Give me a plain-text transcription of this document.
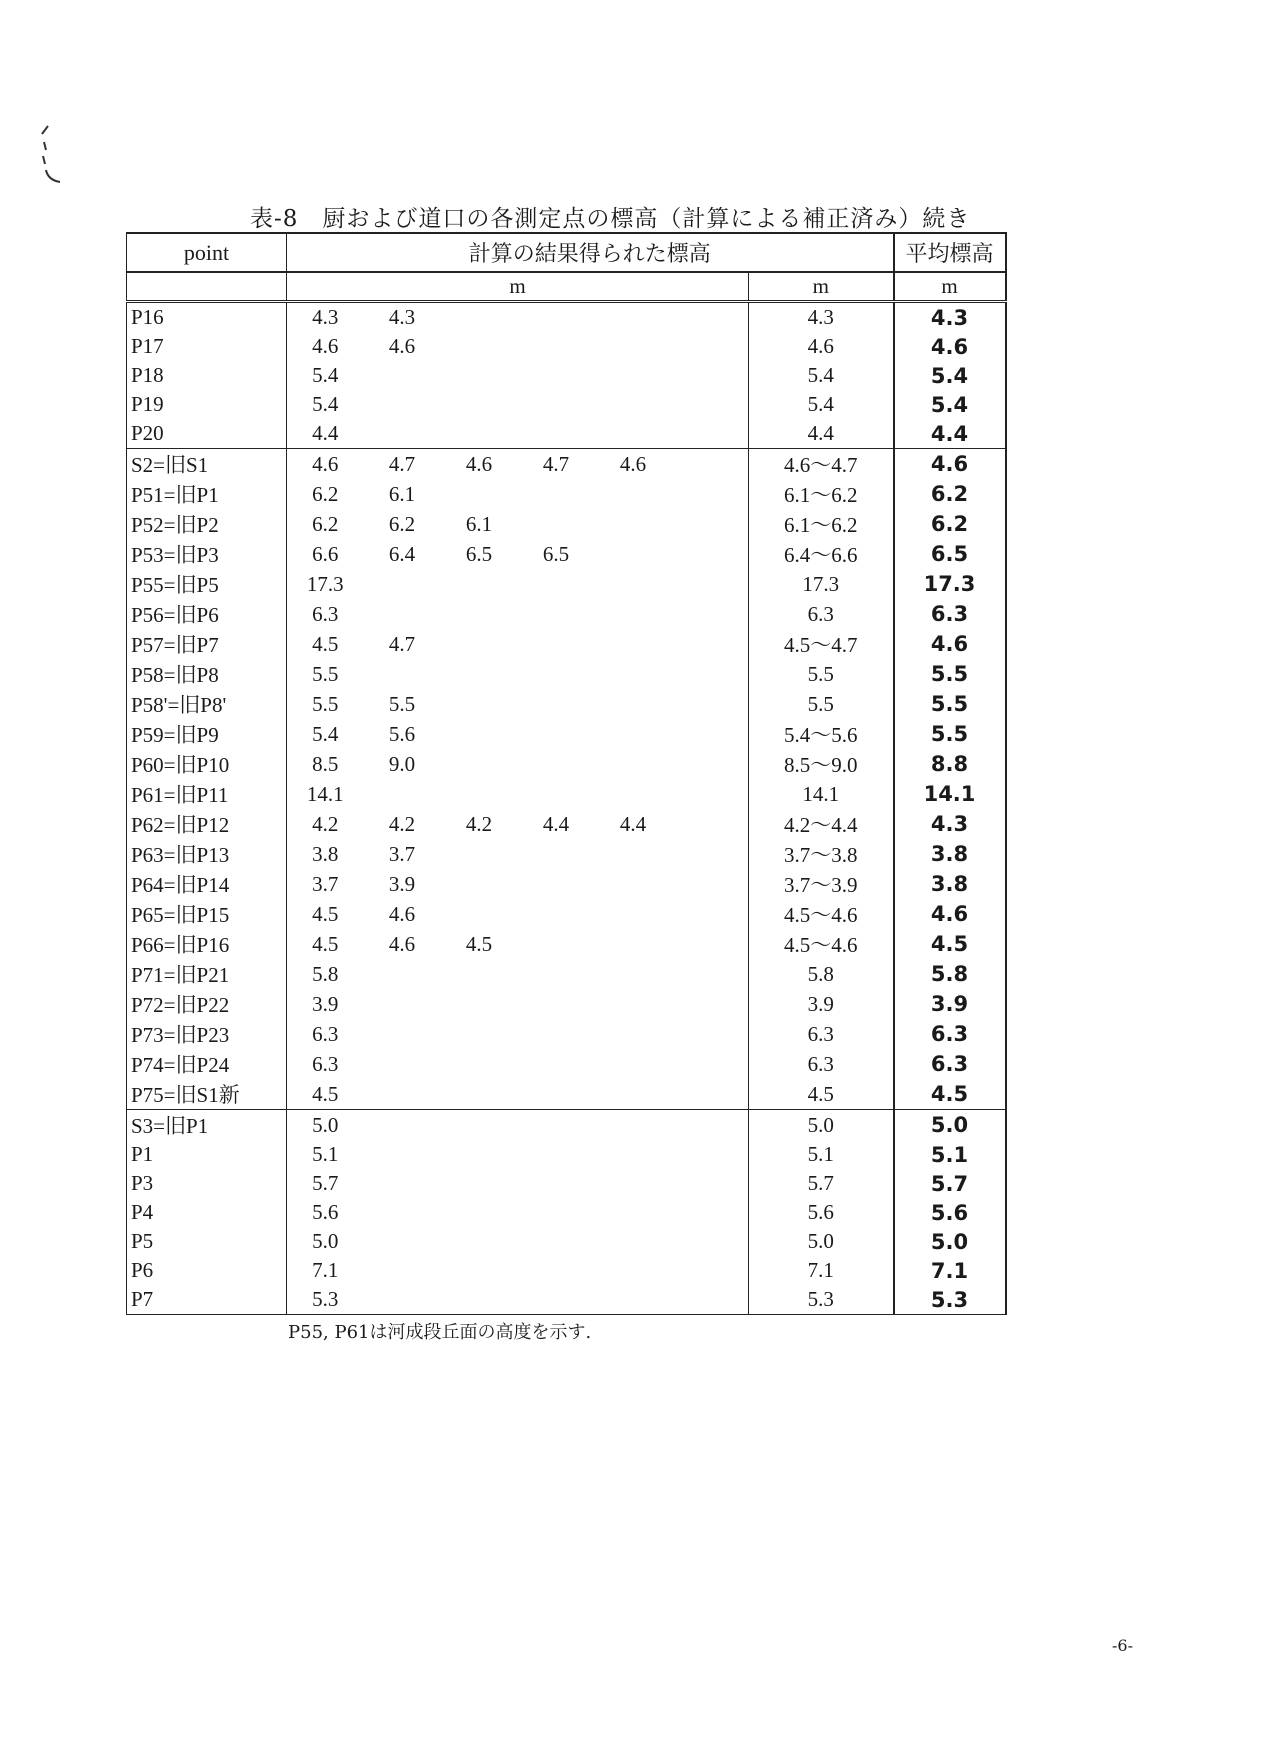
表-8　厨および道口の各測定点の標高（計算による補正済み）続き
point	計算の結果得られた標高							平均標高
	m						m	m
P16	4.3	4.3					4.3	4.3
P17	4.6	4.6					4.6	4.6
P18	5.4						5.4	5.4
P19	5.4						5.4	5.4
P20	4.4						4.4	4.4
S2=旧S1	4.6	4.7	4.6	4.7	4.6		4.6～4.7	4.6
P51=旧P1	6.2	6.1					6.1～6.2	6.2
P52=旧P2	6.2	6.2	6.1				6.1～6.2	6.2
P53=旧P3	6.6	6.4	6.5	6.5			6.4～6.6	6.5
P55=旧P5	17.3						17.3	17.3
P56=旧P6	6.3						6.3	6.3
P57=旧P7	4.5	4.7					4.5～4.7	4.6
P58=旧P8	5.5						5.5	5.5
P58'=旧P8'	5.5	5.5					5.5	5.5
P59=旧P9	5.4	5.6					5.4～5.6	5.5
P60=旧P10	8.5	9.0					8.5～9.0	8.8
P61=旧P11	14.1						14.1	14.1
P62=旧P12	4.2	4.2	4.2	4.4	4.4		4.2～4.4	4.3
P63=旧P13	3.8	3.7					3.7～3.8	3.8
P64=旧P14	3.7	3.9					3.7～3.9	3.8
P65=旧P15	4.5	4.6					4.5～4.6	4.6
P66=旧P16	4.5	4.6	4.5				4.5～4.6	4.5
P71=旧P21	5.8						5.8	5.8
P72=旧P22	3.9						3.9	3.9
P73=旧P23	6.3						6.3	6.3
P74=旧P24	6.3						6.3	6.3
P75=旧S1新	4.5						4.5	4.5
S3=旧P1	5.0						5.0	5.0
P1	5.1						5.1	5.1
P3	5.7						5.7	5.7
P4	5.6						5.6	5.6
P5	5.0						5.0	5.0
P6	7.1						7.1	7.1
P7	5.3						5.3	5.3
P55, P61は河成段丘面の高度を示す.
-6-
